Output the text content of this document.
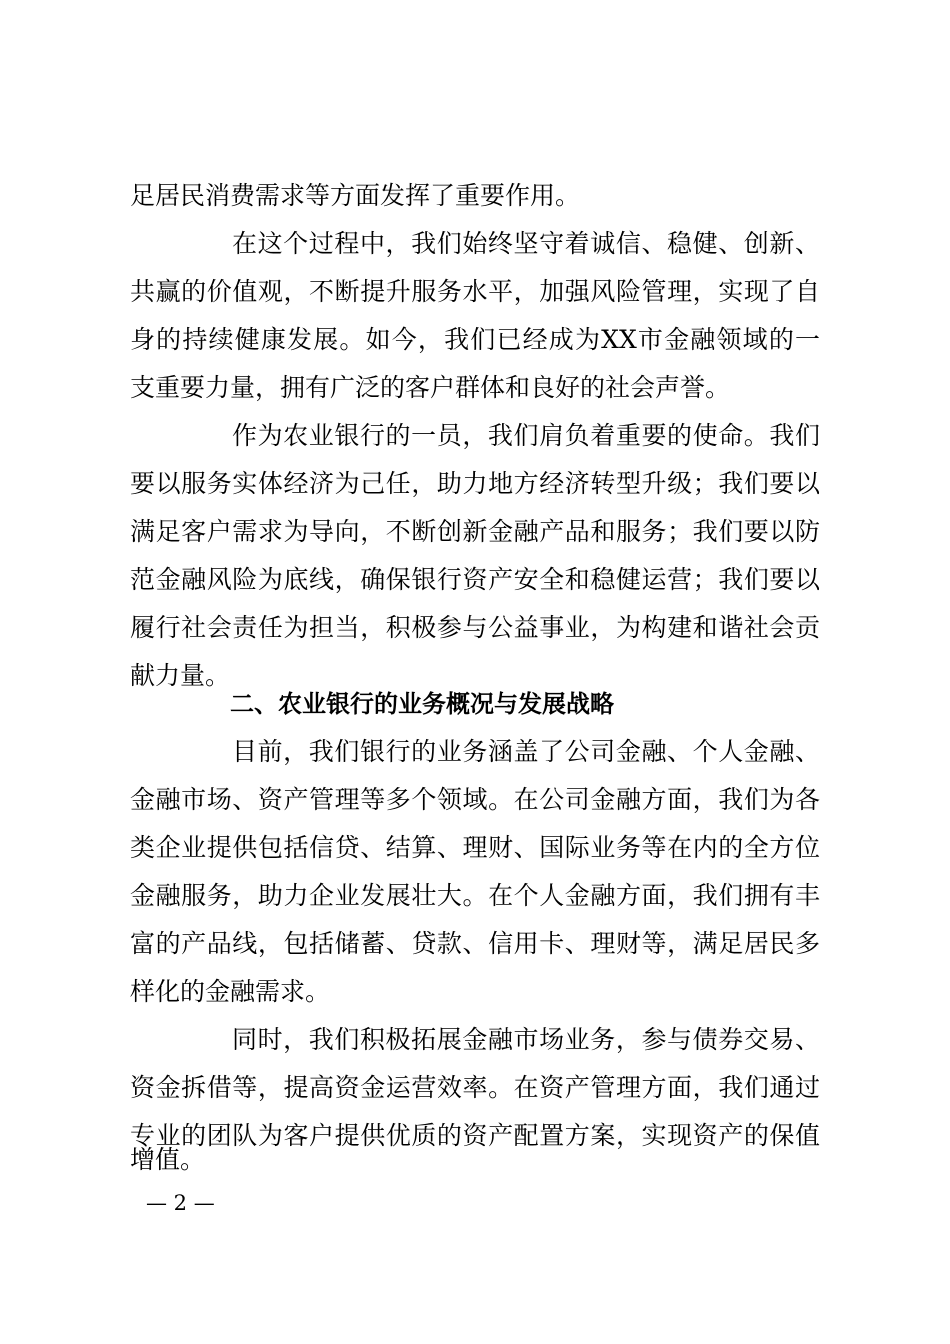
足居民消费需求等方面发挥了重要作用。
在这个过程中，我们始终坚守着诚信、稳健、创新、
共赢的价值观，不断提升服务水平，加强风险管理，实现了自
身的持续健康发展。如今，我们已经成为XX市金融领域的一
支重要力量，拥有广泛的客户群体和良好的社会声誉。
作为农业银行的一员，我们肩负着重要的使命。我们
要以服务实体经济为己任，助力地方经济转型升级；我们要以
满足客户需求为导向，不断创新金融产品和服务；我们要以防
范金融风险为底线，确保银行资产安全和稳健运营；我们要以
履行社会责任为担当，积极参与公益事业，为构建和谐社会贡
献力量。
二、农业银行的业务概况与发展战略
目前，我们银行的业务涵盖了公司金融、个人金融、
金融市场、资产管理等多个领域。在公司金融方面，我们为各
类企业提供包括信贷、结算、理财、国际业务等在内的全方位
金融服务，助力企业发展壮大。在个人金融方面，我们拥有丰
富的产品线，包括储蓄、贷款、信用卡、理财等，满足居民多
样化的金融需求。
同时，我们积极拓展金融市场业务，参与债券交易、
资金拆借等，提高资金运营效率。在资产管理方面，我们通过
专业的团队为客户提供优质的资产配置方案，实现资产的保值
增值。
— 2 —
